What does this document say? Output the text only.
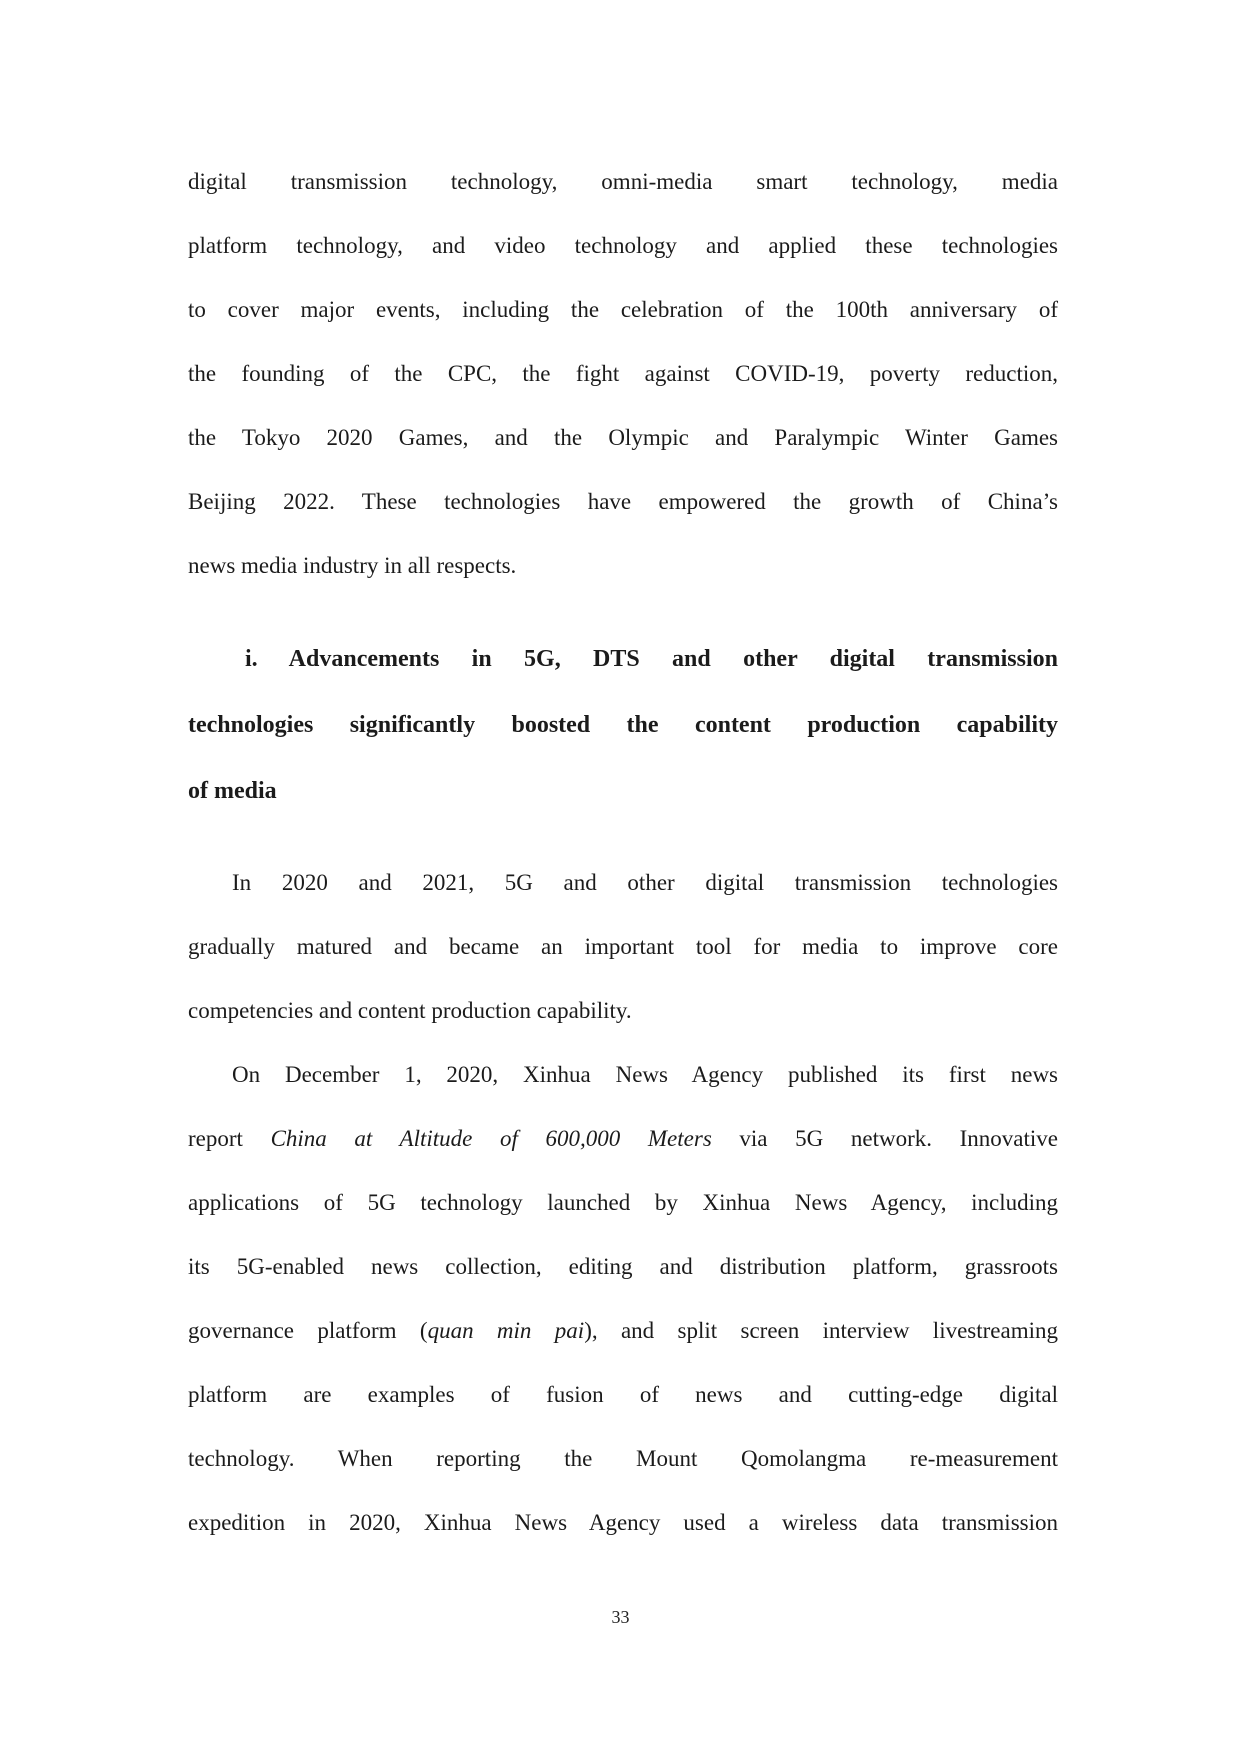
digital transmission technology, omni-media smart technology, media
platform technology, and video technology and applied these technologies
to cover major events, including the celebration of the 100th anniversary of
the founding of the CPC, the fight against COVID-19, poverty reduction,
the Tokyo 2020 Games, and the Olympic and Paralympic Winter Games
Beijing 2022. These technologies have empowered the growth of China’s
news media industry in all respects.
i. Advancements in 5G, DTS and other digital transmission
technologies significantly boosted the content production capability
of media
In 2020 and 2021, 5G and other digital transmission technologies
gradually matured and became an important tool for media to improve core
competencies and content production capability.
On December 1, 2020, Xinhua News Agency published its first news
report China at Altitude of 600,000 Meters via 5G network. Innovative
applications of 5G technology launched by Xinhua News Agency, including
its 5G-enabled news collection, editing and distribution platform, grassroots
governance platform (quan min pai), and split screen interview livestreaming
platform are examples of fusion of news and cutting-edge digital
technology. When reporting the Mount Qomolangma re-measurement
expedition in 2020, Xinhua News Agency used a wireless data transmission
33
